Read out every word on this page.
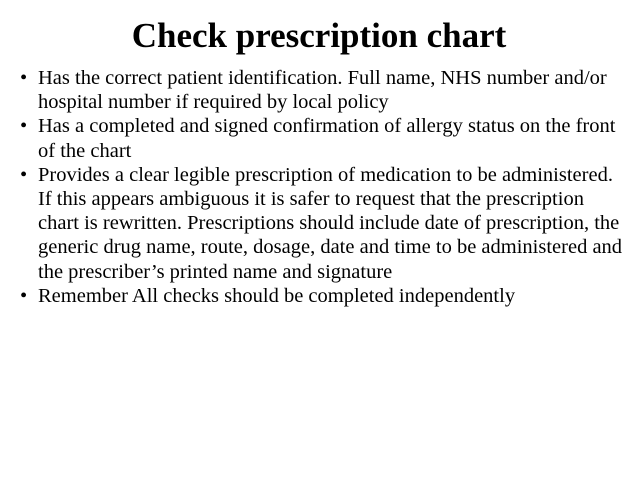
Check prescription chart
• Has the correct patient identification. Full name, NHS number and/or hospital number if required by local policy
• Has a completed and signed confirmation of allergy status on the front of the chart
• Provides a clear legible prescription of medication to be administered. If this appears ambiguous it is safer to request that the prescription chart is rewritten. Prescriptions should include date of prescription, the generic drug name, route, dosage, date and time to be administered and the prescriber’s printed name and signature
• Remember All checks should be completed independently
